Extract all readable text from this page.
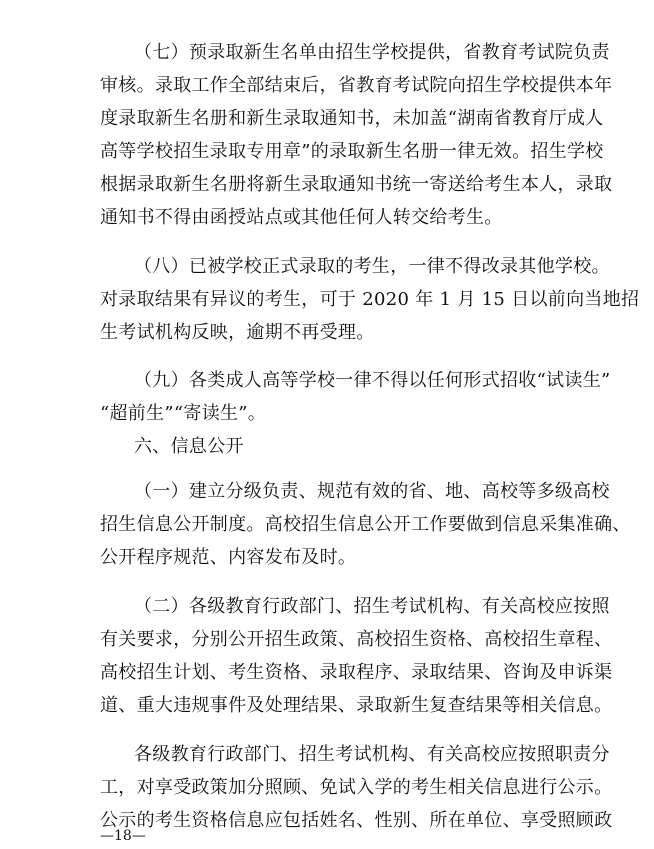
（七）预录取新生名单由招生学校提供，省教育考试院负责
审核。录取工作全部结束后，省教育考试院向招生学校提供本年
度录取新生名册和新生录取通知书，未加盖“湖南省教育厅成人
高等学校招生录取专用章”的录取新生名册一律无效。招生学校
根据录取新生名册将新生录取通知书统一寄送给考生本人，录取
通知书不得由函授站点或其他任何人转交给考生。
（八）已被学校正式录取的考生，一律不得改录其他学校。
对录取结果有异议的考生，可于 2020 年 1 月 15 日以前向当地招
生考试机构反映，逾期不再受理。
（九）各类成人高等学校一律不得以任何形式招收“试读生”
“超前生”“寄读生”。
六、信息公开
（一）建立分级负责、规范有效的省、地、高校等多级高校
招生信息公开制度。高校招生信息公开工作要做到信息采集准确、
公开程序规范、内容发布及时。
（二）各级教育行政部门、招生考试机构、有关高校应按照
有关要求，分别公开招生政策、高校招生资格、高校招生章程、
高校招生计划、考生资格、录取程序、录取结果、咨询及申诉渠
道、重大违规事件及处理结果、录取新生复查结果等相关信息。
各级教育行政部门、招生考试机构、有关高校应按照职责分
工，对享受政策加分照顾、免试入学的考生相关信息进行公示。
公示的考生资格信息应包括姓名、性别、所在单位、享受照顾政
—18—
